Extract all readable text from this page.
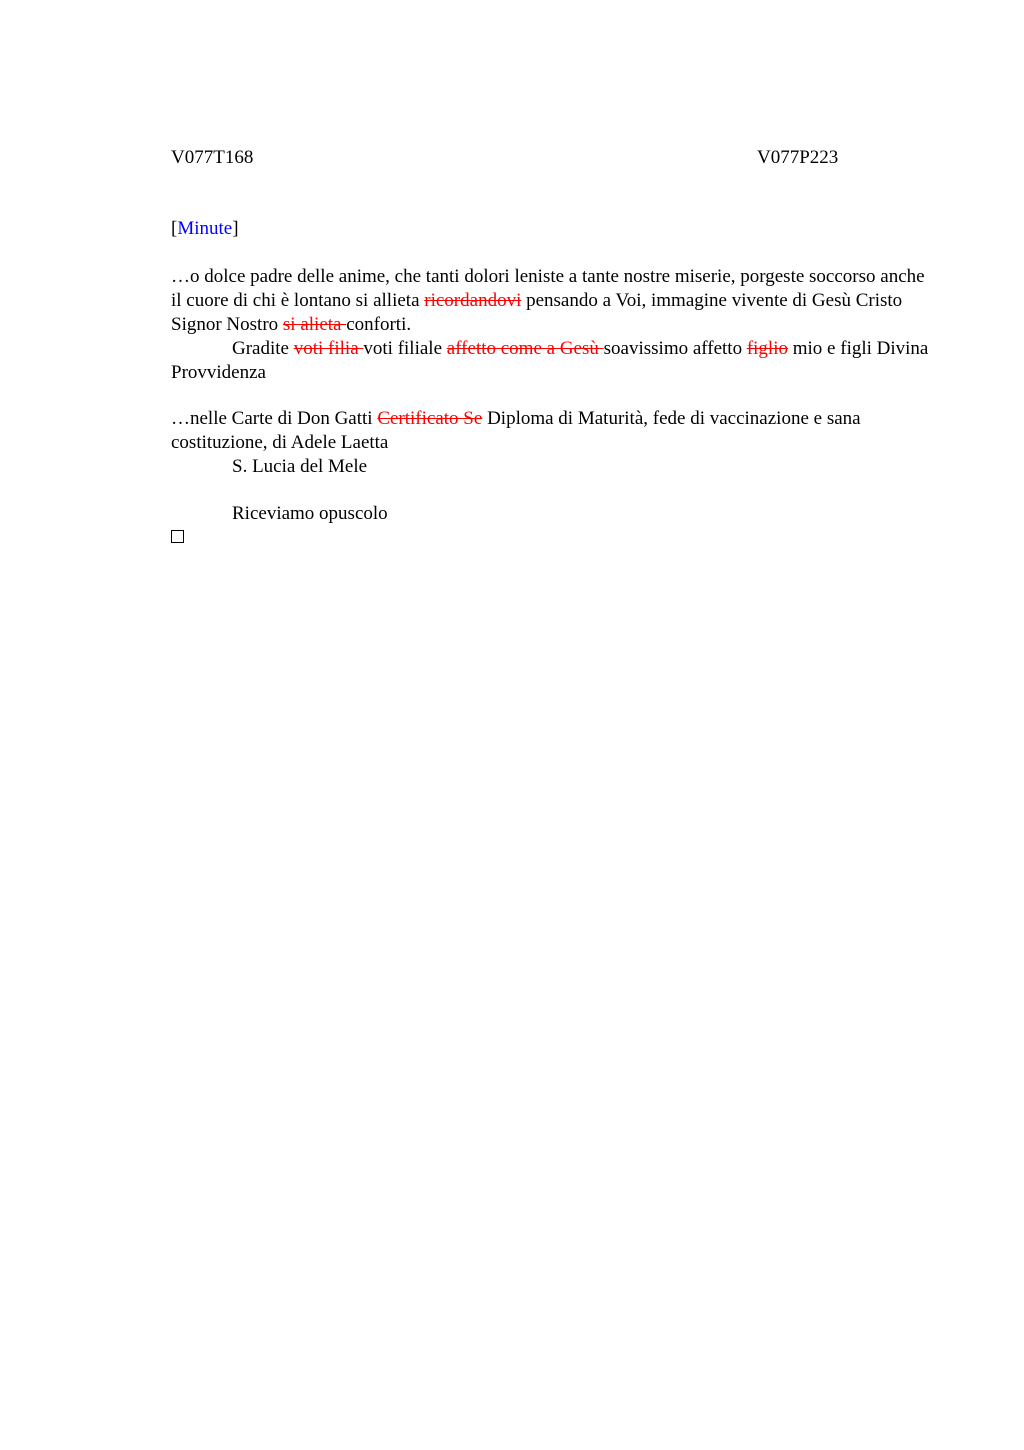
V077T168	V077P223
[Minute]

…o dolce padre delle anime, che tanti dolori leniste a tante nostre miserie, porgeste soccorso anche il cuore di chi è lontano si allieta ricordandovi pensando a Voi, immagine vivente di Gesù Cristo Signor Nostro si alieta conforti.

Gradite voti filia voti filiale affetto come a Gesù soavissimo affetto figlio mio e figli Divina Provvidenza

…nelle Carte di Don Gatti Certificato Se Diploma di Maturità, fede di vaccinazione e sana costituzione, di Adele Laetta

S. Lucia del Mele

Riceviamo opuscolo
